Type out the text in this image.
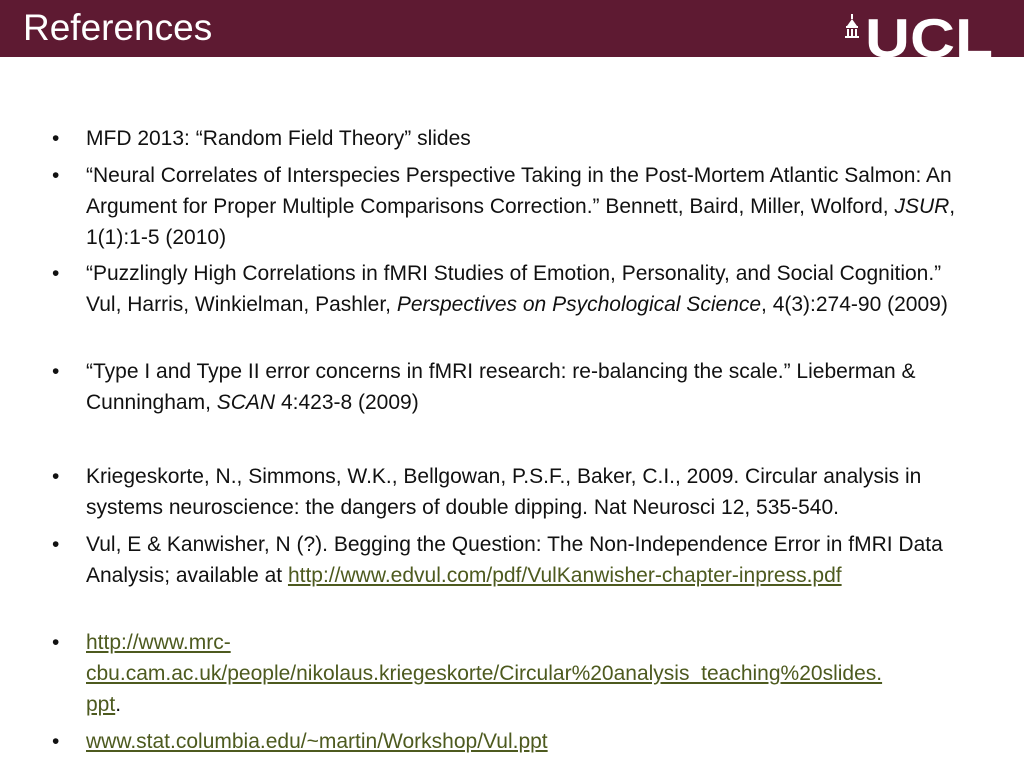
References	UCL
• MFD 2013: “Random Field Theory” slides
• “Neural Correlates of Interspecies Perspective Taking in the Post-Mortem Atlantic Salmon: An Argument for Proper Multiple Comparisons Correction.” Bennett, Baird, Miller, Wolford, JSUR, 1(1):1-5 (2010)
• “Puzzlingly High Correlations in fMRI Studies of Emotion, Personality, and Social Cognition.” Vul, Harris, Winkielman, Pashler, Perspectives on Psychological Science, 4(3):274-90 (2009)
• “Type I and Type II error concerns in fMRI research: re-balancing the scale.” Lieberman & Cunningham, SCAN 4:423-8 (2009)
• Kriegeskorte, N., Simmons, W.K., Bellgowan, P.S.F., Baker, C.I., 2009. Circular analysis in systems neuroscience: the dangers of double dipping. Nat Neurosci 12, 535-540.
• Vul, E & Kanwisher, N (?). Begging the Question: The Non-Independence Error in fMRI Data Analysis; available at http://www.edvul.com/pdf/VulKanwisher-chapter-inpress.pdf
• http://www.mrc-
cbu.cam.ac.uk/people/nikolaus.kriegeskorte/Circular%20analysis_teaching%20slides.
ppt.
• www.stat.columbia.edu/~martin/Workshop/Vul.ppt
